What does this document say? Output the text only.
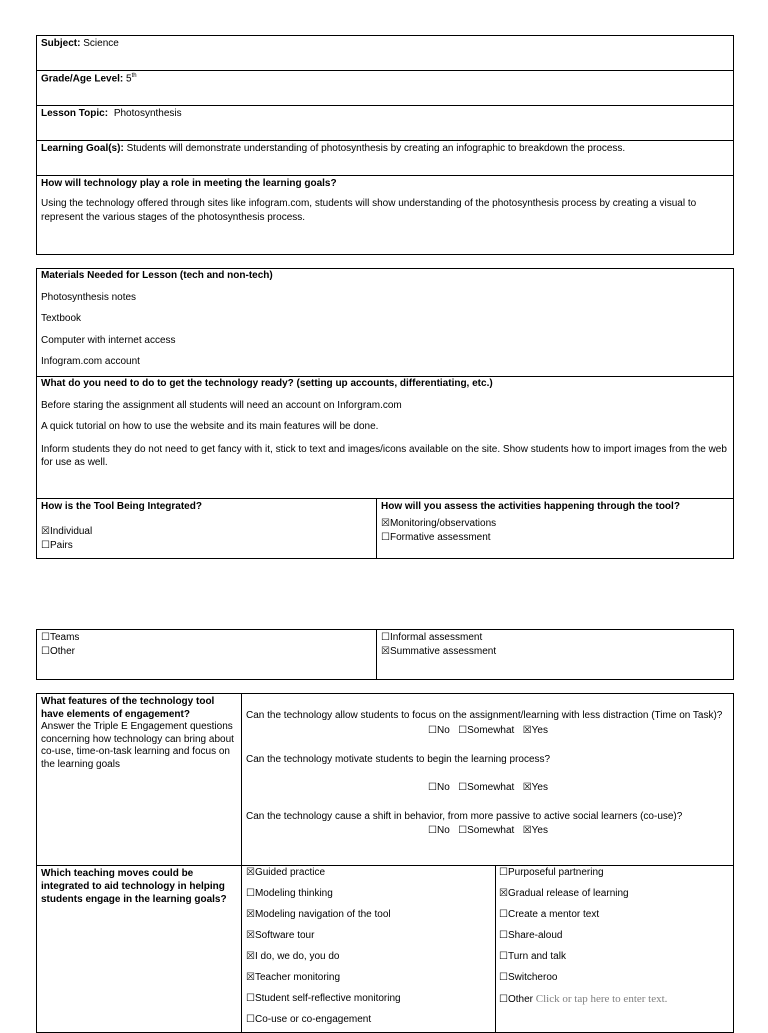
Subject: Science
Grade/Age Level: 5th
Lesson Topic: Photosynthesis
Learning Goal(s): Students will demonstrate understanding of photosynthesis by creating an infographic to breakdown the process.

How will technology play a role in meeting the learning goals?

Using the technology offered through sites like infogram.com, students will show understanding of the photosynthesis process by creating a visual to represent the various stages of the photosynthesis process.

Materials Needed for Lesson (tech and non-tech)

Photosynthesis notes

Textbook

Computer with internet access

Infogram.com account

What do you need to do to get the technology ready? (setting up accounts, differentiating, etc.)

Before staring the assignment all students will need an account on Inforgram.com

A quick tutorial on how to use the website and its main features will be done.

Inform students they do not need to get fancy with it, stick to text and images/icons available on the site. Show students how to import images from the web for use as well.

How is the Tool Being Integrated?

☒Individual
☐Pairs

How will you assess the activities happening through the tool?

☒Monitoring/observations
☐Formative assessment
☐Teams
☐Other
☐Informal assessment
☒Summative assessment

What features of the technology tool have elements of engagement?

Answer the Triple E Engagement questions concerning how technology can bring about co-use, time-on-task learning and focus on the learning goals

Can the technology allow students to focus on the assignment/learning with less distraction (Time on Task)?

☐No ☐Somewhat ☒Yes

Can the technology motivate students to begin the learning process?

☐No ☐Somewhat ☒Yes

Can the technology cause a shift in behavior, from more passive to active social learners (co-use)?

☐No ☐Somewhat ☒Yes

Which teaching moves could be integrated to aid technology in helping students engage in the learning goals?

☒Guided practice
☐Modeling thinking
☒Modeling navigation of the tool
☒Software tour
☒I do, we do, you do
☒Teacher monitoring
☐Student self-reflective monitoring
☐Co-use or co-engagement
☐Purposeful partnering
☒Gradual release of learning
☐Create a mentor text
☐Share-aloud
☐Turn and talk
☐Switcheroo
☐Other Click or tap here to enter text.
